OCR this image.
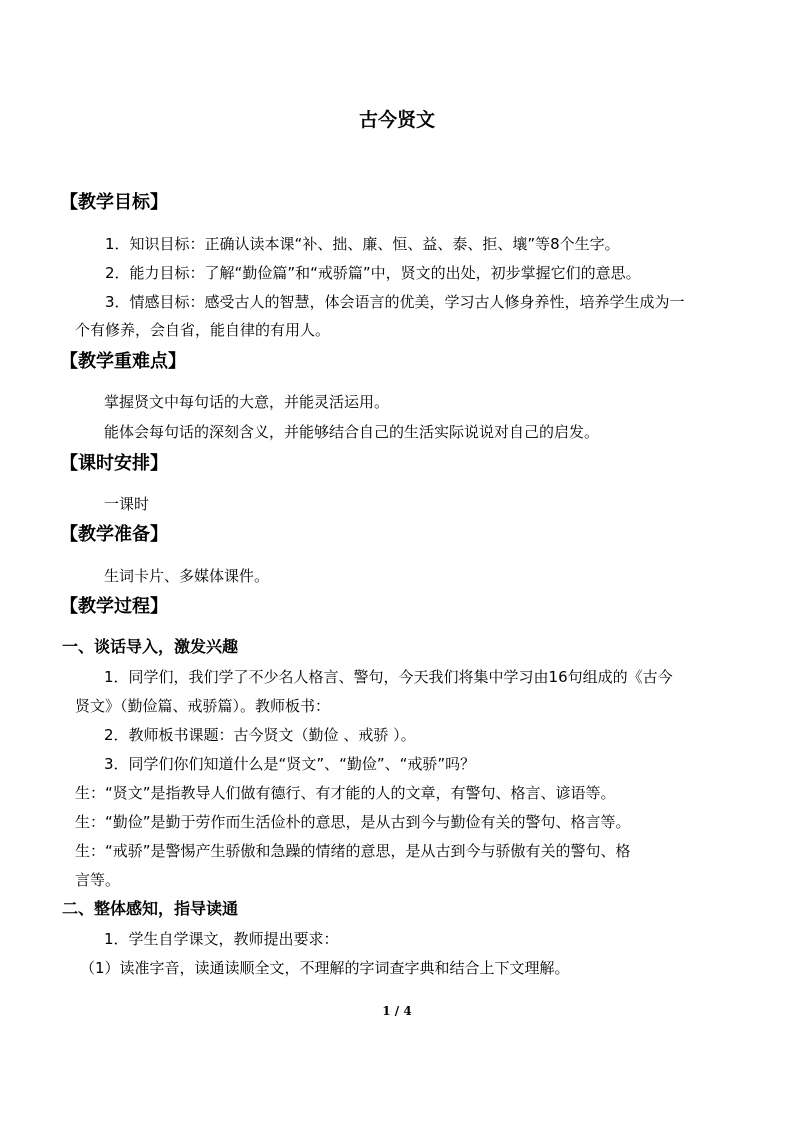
古今贤文
【教学目标】
1．知识目标：正确认读本课“补、拙、廉、恒、益、泰、拒、壤”等8个生字。
2．能力目标：了解“勤俭篇”和“戒骄篇”中，贤文的出处，初步掌握它们的意思。
3．情感目标：感受古人的智慧，体会语言的优美，学习古人修身养性，培养学生成为一
个有修养，会自省，能自律的有用人。
【教学重难点】
掌握贤文中每句话的大意，并能灵活运用。
能体会每句话的深刻含义，并能够结合自己的生活实际说说对自己的启发。
【课时安排】
一课时
【教学准备】
生词卡片、多媒体课件。
【教学过程】
一、谈话导入，激发兴趣
1．同学们，我们学了不少名人格言、警句，今天我们将集中学习由16句组成的《古今
贤文》（勤俭篇、戒骄篇）。教师板书：
2．教师板书课题：古今贤文（勤俭 、戒骄 ）。
3．同学们你们知道什么是“贤文”、“勤俭”、“戒骄”吗？
生：“贤文”是指教导人们做有德行、有才能的人的文章，有警句、格言、谚语等。
生：“勤俭”是勤于劳作而生活俭朴的意思，是从古到今与勤俭有关的警句、格言等。
生：“戒骄”是警惕产生骄傲和急躁的情绪的意思，是从古到今与骄傲有关的警句、格
言等。
二、整体感知，指导读通
1．学生自学课文，教师提出要求：
（1）读准字音，读通读顺全文，不理解的字词查字典和结合上下文理解。
1 / 4
